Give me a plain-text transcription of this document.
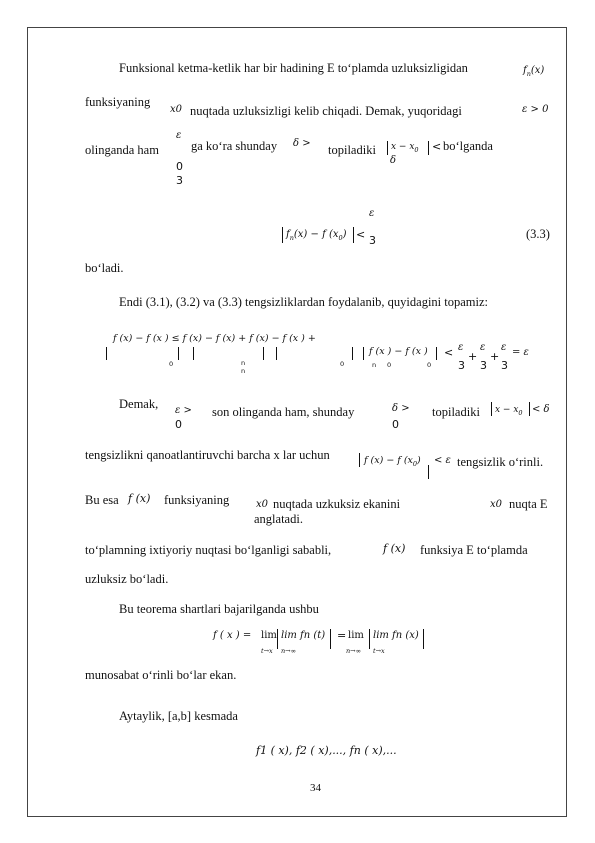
Funksional ketma-ketlik har bir hadining E to‘plamda uzluksizligidan	$f_n(x)$
funksiyaning
x0 nuqtada uzluksizligi kelib chiqadi. Demak, yuqoridagi	ε > 0
olinganda ham
ε
0
3
ga ko‘ra shunday δ > topiladiki $x - x_0$ <
δ
bo‘lganda
$f_n(x) - f$ $(x_0)$ <
ε
3	(3.3)
bo‘ladi.
Endi (3.1), (3.2) va (3.3) tengsizliklardan foydalanib, quyidagini topamiz:
f (x) − f (x ) ≤ f (x) − f (x) + f (x) − f (x ) +
0	n
n
0
f (x ) − f (x )
n 0	0
< ε
3
+
ε
3
+
ε
3
= ε
Demak, ε >
0
son olinganda ham, shunday	δ >
0
topiladiki $x - x_0 < \delta$
tengsizlikni qanoatlantiruvchi barcha x lar uchun	f (x) − f $(x_0) < \varepsilon$ tengsizlik o‘rinli.
Bu esa f (x) funksiyaning	x0 nuqtada uzkuksiz ekanini anglatadi.
x0 nuqta E
to‘plamning ixtiyoriy nuqtasi bo‘lganligi sababli,	f (x) funksiya E to‘plamda
uzluksiz bo‘ladi.
Bu teorema shartlari bajarilganda ushbu
f ( x ) = lim
t→x
lim fn (t)
n→∞
= lim
n→∞
lim fn (x)
t→x
munosabat o‘rinli bo‘lar ekan.
Aytaylik, [a,b] kesmada
f1 ( x), f2 ( x),..., fn ( x),...
34
